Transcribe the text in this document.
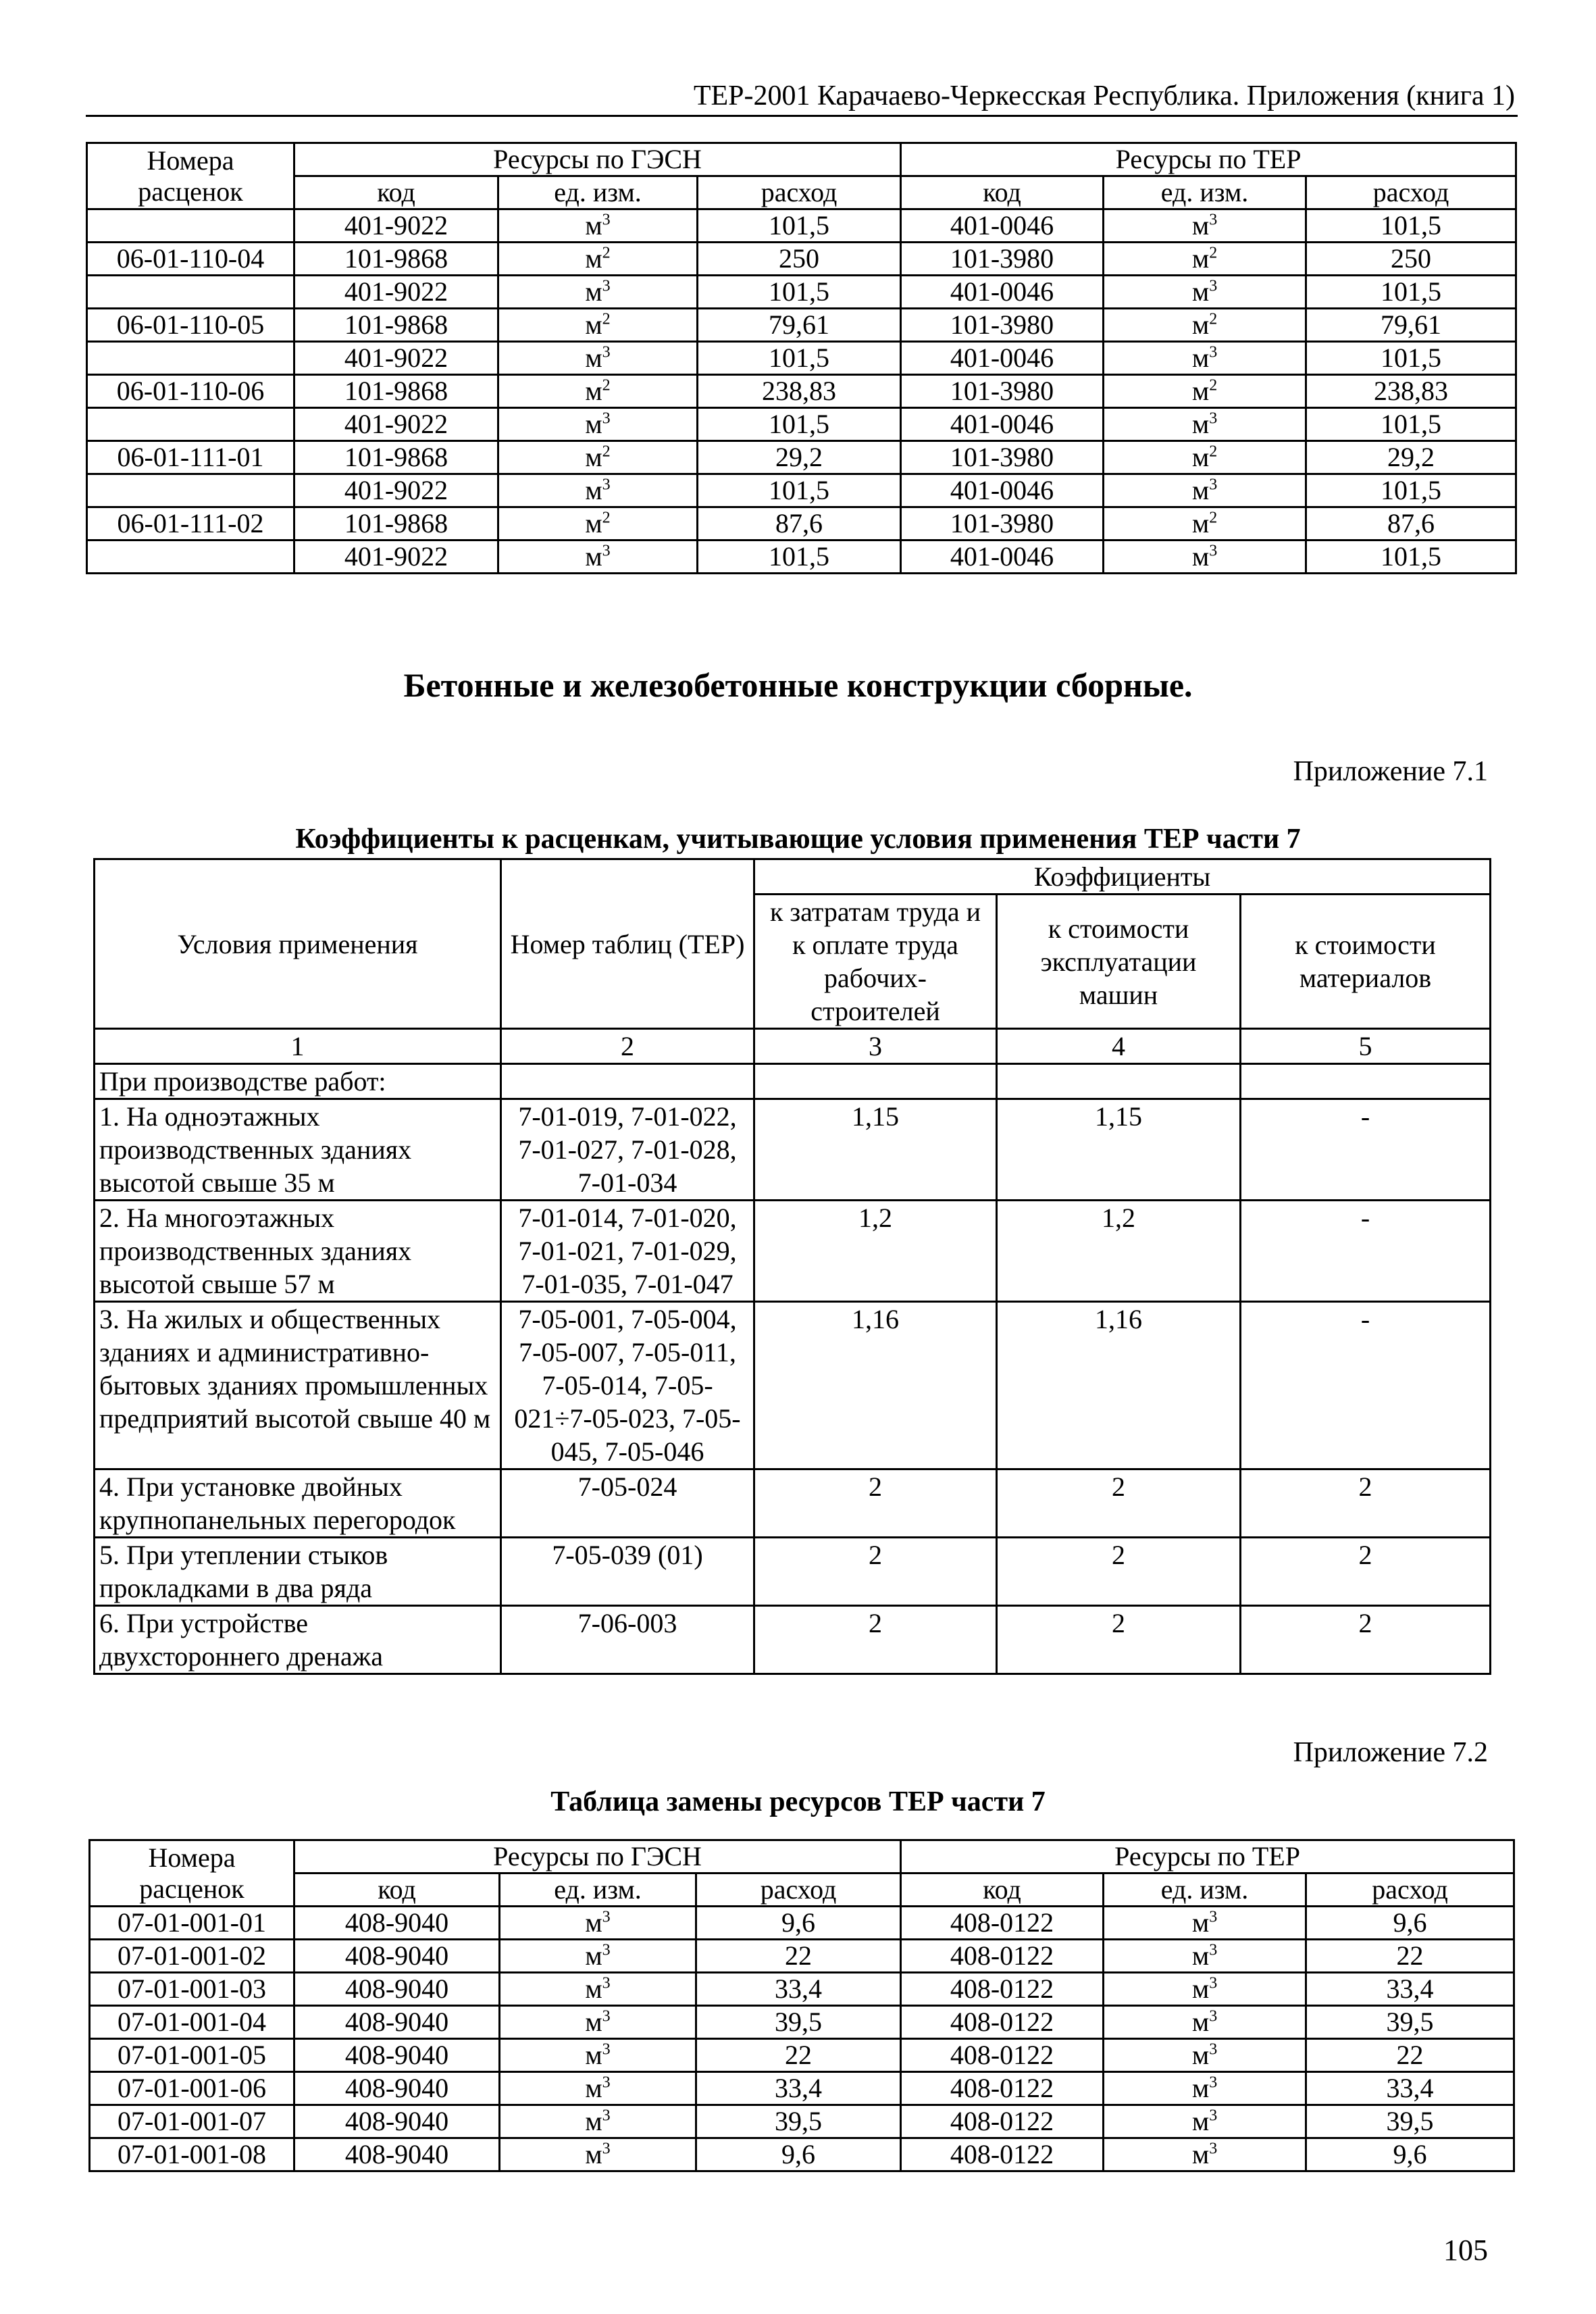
ТЕР-2001 Карачаево-Черкесская Республика. Приложения (книга 1)
Номера расценок	Ресурсы по ГЭСН			Ресурсы по ТЕР		
	код	ед. изм.	расход	код	ед. изм.	расход
	401-9022	$м^3$	101,5	401-0046	$м^3$	101,5
06-01-110-04	101-9868	$м^2$	250	101-3980	$м^2$	250
	401-9022	$м^3$	101,5	401-0046	$м^3$	101,5
06-01-110-05	101-9868	$м^2$	79,61	101-3980	$м^2$	79,61
	401-9022	$м^3$	101,5	401-0046	$м^3$	101,5
06-01-110-06	101-9868	$м^2$	238,83	101-3980	$м^2$	238,83
	401-9022	$м^3$	101,5	401-0046	$м^3$	101,5
06-01-111-01	101-9868	$м^2$	29,2	101-3980	$м^2$	29,2
	401-9022	$м^3$	101,5	401-0046	$м^3$	101,5
06-01-111-02	101-9868	$м^2$	87,6	101-3980	$м^2$	87,6
	401-9022	$м^3$	101,5	401-0046	$м^3$	101,5
Бетонные и железобетонные конструкции сборные.
Приложение 7.1
Коэффициенты к расценкам, учитывающие условия применения ТЕР части 7
Условия применения	Номер таблиц (ТЕР)	Коэффициенты		
		к затратам труда и к оплате труда рабочих-строителей	к стоимости эксплуатации машин	к стоимости материалов
1	2	3	4	5
При производстве работ:				
1. На одноэтажных производственных зданиях высотой свыше 35 м	7-01-019, 7-01-022, 7-01-027, 7-01-028, 7-01-034	1,15	1,15	-
2. На многоэтажных производственных зданиях высотой свыше 57 м	7-01-014, 7-01-020, 7-01-021, 7-01-029, 7-01-035, 7-01-047	1,2	1,2	-
3. На жилых и общественных зданиях и административно-бытовых зданиях промышленных предприятий высотой свыше 40 м	7-05-001, 7-05-004, 7-05-007, 7-05-011, 7-05-014, 7-05-021÷7-05-023, 7-05-045, 7-05-046	1,16	1,16	-
4. При установке двойных крупнопанельных перегородок	7-05-024	2	2	2
5. При утеплении стыков прокладками в два ряда	7-05-039 (01)	2	2	2
6. При устройстве двухстороннего дренажа	7-06-003	2	2	2
Приложение 7.2
Таблица замены ресурсов ТЕР части 7
Номера расценок	Ресурсы по ГЭСН			Ресурсы по ТЕР		
	код	ед. изм.	расход	код	ед. изм.	расход
07-01-001-01	408-9040	$м^3$	9,6	408-0122	$м^3$	9,6
07-01-001-02	408-9040	$м^3$	22	408-0122	$м^3$	22
07-01-001-03	408-9040	$м^3$	33,4	408-0122	$м^3$	33,4
07-01-001-04	408-9040	$м^3$	39,5	408-0122	$м^3$	39,5
07-01-001-05	408-9040	$м^3$	22	408-0122	$м^3$	22
07-01-001-06	408-9040	$м^3$	33,4	408-0122	$м^3$	33,4
07-01-001-07	408-9040	$м^3$	39,5	408-0122	$м^3$	39,5
07-01-001-08	408-9040	$м^3$	9,6	408-0122	$м^3$	9,6
105
